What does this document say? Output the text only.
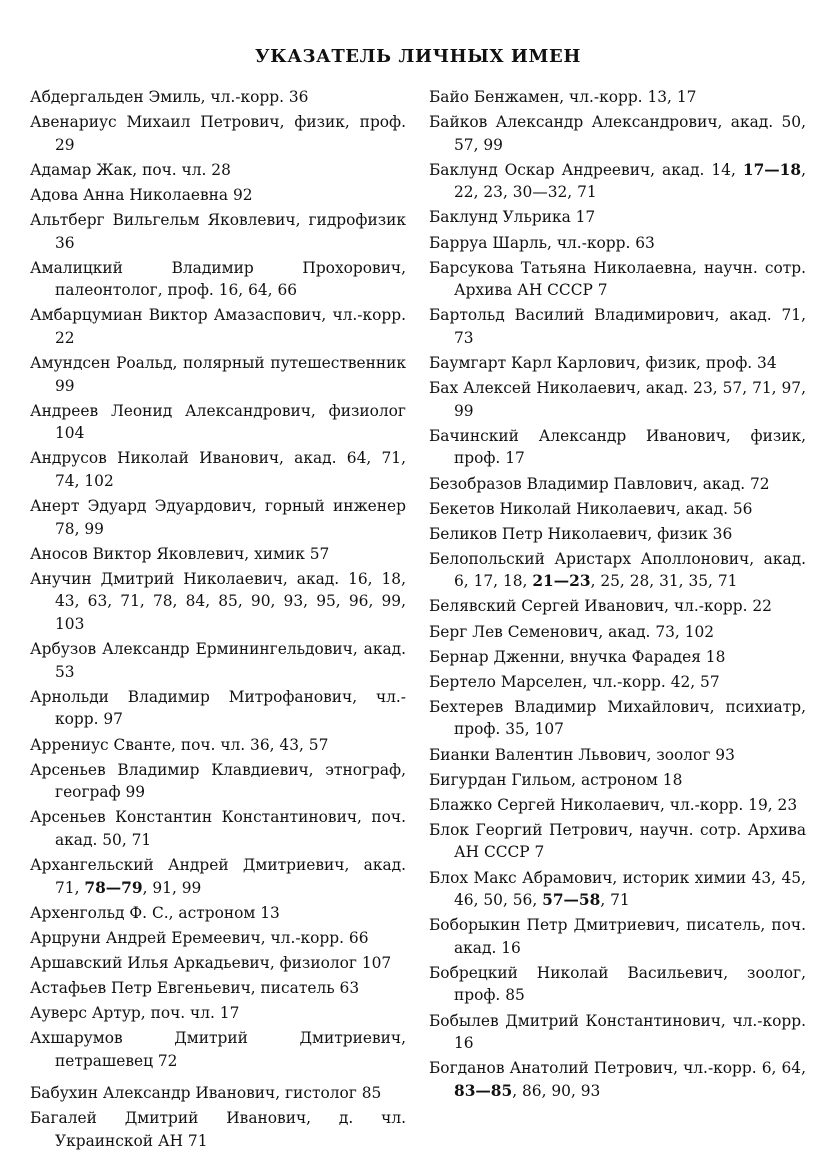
УКАЗАТЕЛЬ ЛИЧНЫХ ИМЕН
Абдергальден Эмиль, чл.-корр. 36
Авенариус Михаил Петрович, физик, проф. 29
Адамар Жак, поч. чл. 28
Адова Анна Николаевна 92
Альтберг Вильгельм Яковлевич, гидрофизик 36
Амалицкий Владимир Прохорович, палеонтолог, проф. 16, 64, 66
Амбарцумиан Виктор Амазаспович, чл.-корр. 22
Амундсен Роальд, полярный путешественник 99
Андреев Леонид Александрович, физиолог 104
Андрусов Николай Иванович, акад. 64, 71, 74, 102
Анерт Эдуард Эдуардович, горный инженер 78, 99
Аносов Виктор Яковлевич, химик 57
Анучин Дмитрий Николаевич, акад. 16, 18, 43, 63, 71, 78, 84, 85, 90, 93, 95, 96, 99, 103
Арбузов Александр Ерминингельдович, акад. 53
Арнольди Владимир Митрофанович, чл.-корр. 97
Аррениус Сванте, поч. чл. 36, 43, 57
Арсеньев Владимир Клавдиевич, этнограф, географ 99
Арсеньев Константин Константинович, поч. акад. 50, 71
Архангельский Андрей Дмитриевич, акад. 71, 78—79, 91, 99
Архенгольд Ф. С., астроном 13
Арцруни Андрей Еремеевич, чл.-корр. 66
Аршавский Илья Аркадьевич, физиолог 107
Астафьев Петр Евгеньевич, писатель 63
Ауверс Артур, поч. чл. 17
Ахшарумов Дмитрий Дмитриевич, петрашевец 72
Бабухин Александр Иванович, гистолог 85
Багалей Дмитрий Иванович, д. чл. Украинской АН 71
Байо Бенжамен, чл.-корр. 13, 17
Байков Александр Александрович, акад. 50, 57, 99
Баклунд Оскар Андреевич, акад. 14, 17—18, 22, 23, 30—32, 71
Баклунд Ульрика 17
Барруа Шарль, чл.-корр. 63
Барсукова Татьяна Николаевна, научн. сотр. Архива АН СССР 7
Бартольд Василий Владимирович, акад. 71, 73
Баумгарт Карл Карлович, физик, проф. 34
Бах Алексей Николаевич, акад. 23, 57, 71, 97, 99
Бачинский Александр Иванович, физик, проф. 17
Безобразов Владимир Павлович, акад. 72
Бекетов Николай Николаевич, акад. 56
Беликов Петр Николаевич, физик 36
Белопольский Аристарх Аполлонович, акад. 6, 17, 18, 21—23, 25, 28, 31, 35, 71
Белявский Сергей Иванович, чл.-корр. 22
Берг Лев Семенович, акад. 73, 102
Бернар Дженни, внучка Фарадея 18
Бертело Марселен, чл.-корр. 42, 57
Бехтерев Владимир Михайлович, психиатр, проф. 35, 107
Бианки Валентин Львович, зоолог 93
Бигурдан Гильом, астроном 18
Блажко Сергей Николаевич, чл.-корр. 19, 23
Блок Георгий Петрович, научн. сотр. Архива АН СССР 7
Блох Макс Абрамович, историк химии 43, 45, 46, 50, 56, 57—58, 71
Боборыкин Петр Дмитриевич, писатель, поч. акад. 16
Бобрецкий Николай Васильевич, зоолог, проф. 85
Бобылев Дмитрий Константинович, чл.-корр. 16
Богданов Анатолий Петрович, чл.-корр. 6, 64, 83—85, 86, 90, 93
